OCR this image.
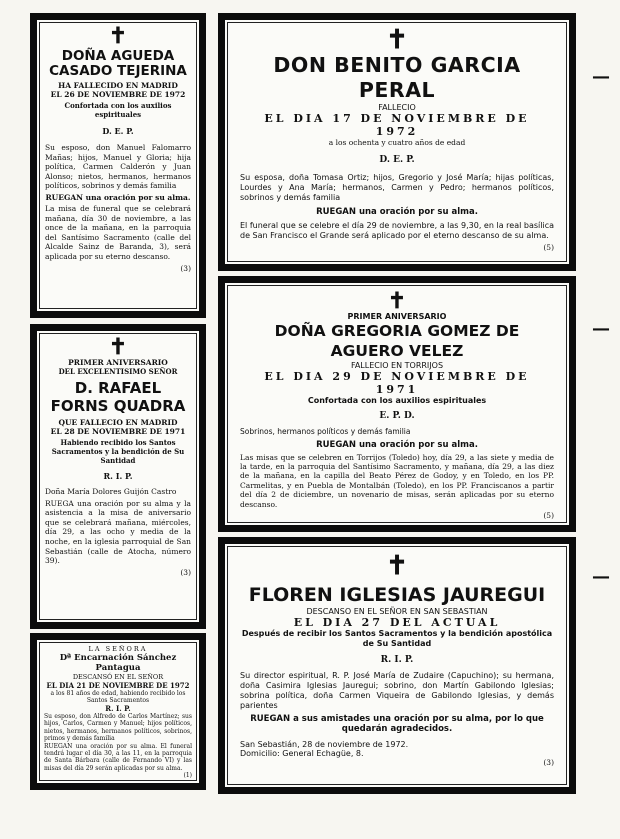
✝
DOÑA AGUEDA CASADO TEJERINA
HA FALLECIDO EN MADRID
EL 26 DE NOVIEMBRE DE 1972
Confortada con los auxilios espirituales
D. E. P.
Su esposo, don Manuel Falomarro Mañas; hijos, Manuel y Gloria; hija política, Carmen Calderón y Juan Alonso; nietos, hermanos, hermanos políticos, sobrinos y demás familia
RUEGAN una oración por su alma.
La misa de funeral que se celebrará mañana, día 30 de noviembre, a las once de la mañana, en la parroquia del Santísimo Sacramento (calle del Alcalde Sainz de Baranda, 3), será aplicada por su eterno descanso.
(3)
✝
PRIMER ANIVERSARIO
DEL EXCELENTISIMO SEÑOR
D. RAFAEL FORNS QUADRA
QUE FALLECIO EN MADRID
EL 28 DE NOVIEMBRE DE 1971
Habiendo recibido los Santos Sacramentos y la bendición de Su Santidad
R. I. P.
Doña María Dolores Guijón Castro
RUEGA una oración por su alma y la asistencia a la misa de aniversario que se celebrará mañana, miércoles, día 29, a las ocho y media de la noche, en la iglesia parroquial de San Sebastián (calle de Atocha, número 39).
(3)
LA SEÑORA
Dª Encarnación Sánchez Pantagua
DESCANSÓ EN EL SEÑOR
EL DIA 21 DE NOVIEMBRE DE 1972
a los 81 años de edad, habiendo recibido los Santos Sacramentos
R. I. P.
Su esposo, don Alfredo de Carlos Martínez; sus hijos, Carlos, Carmen y Manuel; hijos políticos, nietos, hermanos, hermanos políticos, sobrinos, primos y demás familia
RUEGAN una oración por su alma. El funeral tendrá lugar el día 30, a las 11, en la parroquia de Santa Bárbara (calle de Fernando VI) y las misas del día 29 serán aplicadas por su alma.
(1)
✝
DON BENITO GARCIA PERAL
FALLECIO
EL DIA 17 DE NOVIEMBRE DE 1972
a los ochenta y cuatro años de edad
D. E. P.
Su esposa, doña Tomasa Ortiz; hijos, Gregorio y José María; hijas políticas, Lourdes y Ana María; hermanos, Carmen y Pedro; hermanos políticos, sobrinos y demás familia
RUEGAN una oración por su alma.
El funeral que se celebre el día 29 de noviembre, a las 9,30, en la real basílica de San Francisco el Grande será aplicado por el eterno descanso de su alma.
(5)
✝
PRIMER ANIVERSARIO
DOÑA GREGORIA GOMEZ DE AGUERO VELEZ
FALLECIO EN TORRIJOS
EL DIA 29 DE NOVIEMBRE DE 1971
Confortada con los auxilios espirituales
E. P. D.
Sobrinos, hermanos políticos y demás familia
RUEGAN una oración por su alma.
Las misas que se celebren en Torrijos (Toledo) hoy, día 29, a las siete y media de la tarde, en la parroquia del Santísimo Sacramento, y mañana, día 29, a las diez de la mañana, en la capilla del Beato Pérez de Godoy, y en Toledo, en los PP. Carmelitas, y en Puebla de Montalbán (Toledo), en los PP. Franciscanos a partir del día 2 de diciembre, un novenario de misas, serán aplicadas por su eterno descanso.
(5)
✝
FLOREN IGLESIAS JAUREGUI
DESCANSO EN EL SEÑOR EN SAN SEBASTIAN
EL DIA 27 DEL ACTUAL
Después de recibir los Santos Sacramentos y la bendición apostólica de Su Santidad
R. I. P.
Su director espiritual, R. P. José María de Zudaire (Capuchino); su hermana, doña Casimira Iglesias Jauregui; sobrino, don Martín Gabilondo Iglesias; sobrina política, doña Carmen Viqueira de Gabilondo Iglesias, y demás parientes
RUEGAN a sus amistades una oración por su alma, por lo que quedarán agradecidos.
San Sebastián, 28 de noviembre de 1972.
Domicilio: General Echagüe, 8.
(3)
—
—
—
